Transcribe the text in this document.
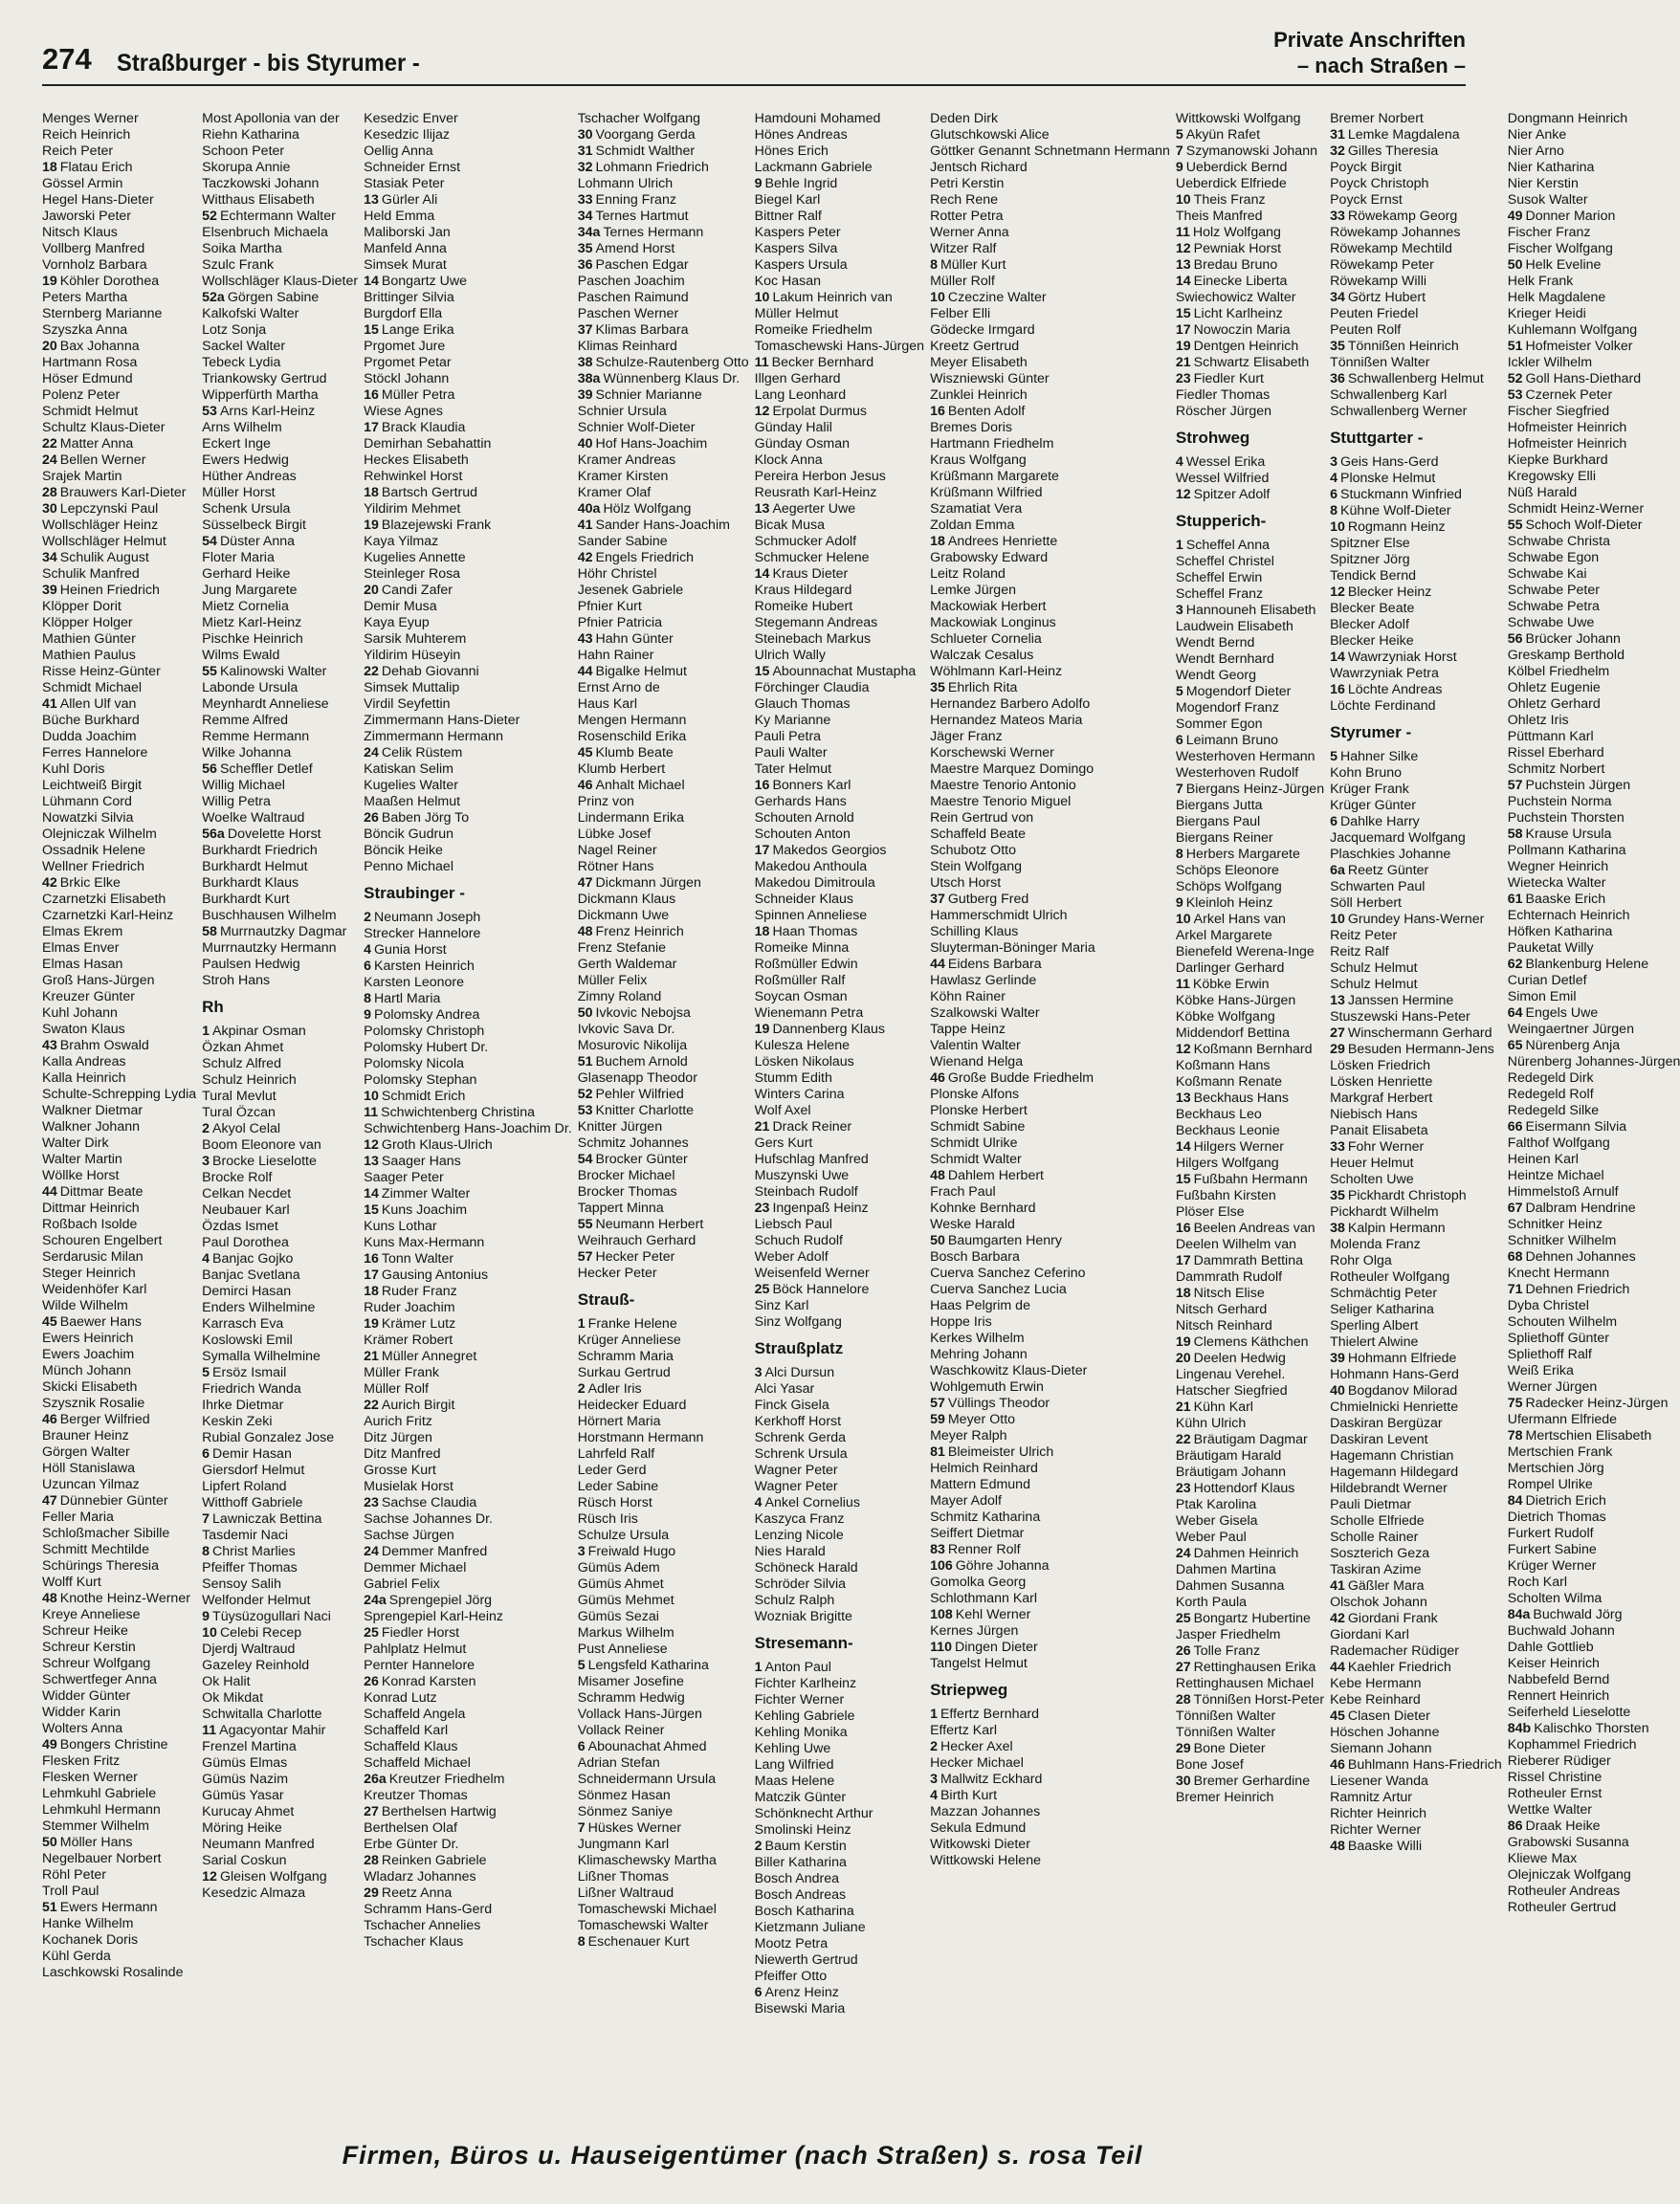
274 Straßburger - bis Styrumer -
Private Anschriften
– nach Straßen –
Menges Werner
Reich Heinrich
Reich Peter
18 Flatau Erich
Gössel Armin
Hegel Hans-Dieter
Jaworski Peter
Nitsch Klaus
Vollberg Manfred
Vornholz Barbara
19 Köhler Dorothea
Peters Martha
Sternberg Marianne
Szyszka Anna
20 Bax Johanna
Hartmann Rosa
Höser Edmund
Polenz Peter
Schmidt Helmut
Schultz Klaus-Dieter
22 Matter Anna
24 Bellen Werner
Srajek Martin
28 Brauwers Karl-Dieter
30 Lepczynski Paul
Wollschläger Heinz
Wollschläger Helmut
34 Schulik August
Schulik Manfred
39 Heinen Friedrich
Klöpper Dorit
Klöpper Holger
Mathien Günter
Mathien Paulus
Risse Heinz-Günter
Schmidt Michael
41 Allen Ulf van
Büche Burkhard
Dudda Joachim
Ferres Hannelore
Kuhl Doris
Leichtweiß Birgit
Lühmann Cord
Nowatzki Silvia
Olejniczak Wilhelm
Ossadnik Helene
Wellner Friedrich
42 Brkic Elke
Czarnetzki Elisabeth
Czarnetzki Karl-Heinz
Elmas Ekrem
Elmas Enver
Elmas Hasan
Groß Hans-Jürgen
Kreuzer Günter
Kuhl Johann
Swaton Klaus
43 Brahm Oswald
Kalla Andreas
Kalla Heinrich
Schulte-Schrepping Lydia
Walkner Dietmar
Walkner Johann
Walter Dirk
Walter Martin
Wöllke Horst
44 Dittmar Beate
Dittmar Heinrich
Roßbach Isolde
Schouren Engelbert
Serdarusic Milan
Steger Heinrich
Weidenhöfer Karl
Wilde Wilhelm
45 Baewer Hans
Ewers Heinrich
Ewers Joachim
Münch Johann
Skicki Elisabeth
Szysznik Rosalie
46 Berger Wilfried
Brauner Heinz
Görgen Walter
Höll Stanislawa
Uzuncan Yilmaz
47 Dünnebier Günter
Feller Maria
Schloßmacher Sibille
Schmitt Mechtilde
Schürings Theresia
Wolff Kurt
48 Knothe Heinz-Werner
Kreye Anneliese
Schreur Heike
Schreur Kerstin
Schreur Wolfgang
Schwertfeger Anna
Widder Günter
Widder Karin
Wolters Anna
49 Bongers Christine
Flesken Fritz
Flesken Werner
Lehmkuhl Gabriele
Lehmkuhl Hermann
Stemmer Wilhelm
50 Möller Hans
Negelbauer Norbert
Röhl Peter
Troll Paul
51 Ewers Hermann
Hanke Wilhelm
Kochanek Doris
Kühl Gerda
Laschkowski Rosalinde
Most Apollonia van der
Riehn Katharina
Schoon Peter
Skorupa Annie
Taczkowski Johann
Witthaus Elisabeth
52 Echtermann Walter
Elsenbruch Michaela
Soika Martha
Szulc Frank
Wollschläger Klaus-Dieter
52a Görgen Sabine
Kalkofski Walter
Lotz Sonja
Sackel Walter
Tebeck Lydia
Triankowsky Gertrud
Wipperfürth Martha
53 Arns Karl-Heinz
Arns Wilhelm
Eckert Inge
Ewers Hedwig
Hüther Andreas
Müller Horst
Schenk Ursula
Süsselbeck Birgit
54 Düster Anna
Floter Maria
Gerhard Heike
Jung Margarete
Mietz Cornelia
Mietz Karl-Heinz
Pischke Heinrich
Wilms Ewald
55 Kalinowski Walter
Labonde Ursula
Meynhardt Anneliese
Remme Alfred
Remme Hermann
Wilke Johanna
56 Scheffler Detlef
Willig Michael
Willig Petra
Woelke Waltraud
56a Dovelette Horst
Burkhardt Friedrich
Burkhardt Helmut
Burkhardt Klaus
Burkhardt Kurt
Buschhausen Wilhelm
58 Murrnautzky Dagmar
Murrnautzky Hermann
Paulsen Hedwig
Stroh Hans
Rh
1 Akpinar Osman
Özkan Ahmet
Schulz Alfred
Schulz Heinrich
Tural Mevlut
Tural Özcan
2 Akyol Celal
Boom Eleonore van
3 Brocke Lieselotte
Brocke Rolf
Celkan Necdet
Neubauer Karl
Özdas Ismet
Paul Dorothea
4 Banjac Gojko
Banjac Svetlana
Demirci Hasan
Enders Wilhelmine
Karrasch Eva
Koslowski Emil
Symalla Wilhelmine
5 Ersöz Ismail
Friedrich Wanda
Ihrke Dietmar
Keskin Zeki
Rubial Gonzalez Jose
6 Demir Hasan
Giersdorf Helmut
Lipfert Roland
Witthoff Gabriele
7 Lawniczak Bettina
Tasdemir Naci
8 Christ Marlies
Pfeiffer Thomas
Sensoy Salih
Welfonder Helmut
9 Tüysüzogullari Naci
10 Celebi Recep
Djerdj Waltraud
Gazeley Reinhold
Ok Halit
Ok Mikdat
Schwitalla Charlotte
11 Agacyontar Mahir
Frenzel Martina
Gümüs Elmas
Gümüs Nazim
Gümüs Yasar
Kurucay Ahmet
Möring Heike
Neumann Manfred
Sarial Coskun
12 Gleisen Wolfgang
Kesedzic Almaza
Kesedzic Enver
Kesedzic Ilijaz
Oellig Anna
Schneider Ernst
Stasiak Peter
13 Gürler Ali
Held Emma
Maliborski Jan
Manfeld Anna
Simsek Murat
14 Bongartz Uwe
Brittinger Silvia
Burgdorf Ella
15 Lange Erika
Prgomet Jure
Prgomet Petar
Stöckl Johann
16 Müller Petra
Wiese Agnes
17 Brack Klaudia
Demirhan Sebahattin
Heckes Elisabeth
Rehwinkel Horst
18 Bartsch Gertrud
Yildirim Mehmet
19 Blazejewski Frank
Kaya Yilmaz
Kugelies Annette
Steinleger Rosa
20 Candi Zafer
Demir Musa
Kaya Eyup
Sarsik Muhterem
Yildirim Hüseyin
22 Dehab Giovanni
Simsek Muttalip
Virdil Seyfettin
Zimmermann Hans-Dieter
Zimmermann Hermann
24 Celik Rüstem
Katiskan Selim
Kugelies Walter
Maaßen Helmut
26 Baben Jörg To
Böncik Gudrun
Böncik Heike
Penno Michael
Straubinger -
2 Neumann Joseph
Strecker Hannelore
4 Gunia Horst
6 Karsten Heinrich
Karsten Leonore
8 Hartl Maria
9 Polomsky Andrea
Polomsky Christoph
Polomsky Hubert Dr.
Polomsky Nicola
Polomsky Stephan
10 Schmidt Erich
11 Schwichtenberg Christina
Schwichtenberg Hans-Joachim Dr.
12 Groth Klaus-Ulrich
13 Saager Hans
Saager Peter
14 Zimmer Walter
15 Kuns Joachim
Kuns Lothar
Kuns Max-Hermann
16 Tonn Walter
17 Gausing Antonius
18 Ruder Franz
Ruder Joachim
19 Krämer Lutz
Krämer Robert
21 Müller Annegret
Müller Frank
Müller Rolf
22 Aurich Birgit
Aurich Fritz
Ditz Jürgen
Ditz Manfred
Grosse Kurt
Musielak Horst
23 Sachse Claudia
Sachse Johannes Dr.
Sachse Jürgen
24 Demmer Manfred
Demmer Michael
Gabriel Felix
24a Sprengepiel Jörg
Sprengepiel Karl-Heinz
25 Fiedler Horst
Pahlplatz Helmut
Pernter Hannelore
26 Konrad Karsten
Konrad Lutz
Schaffeld Angela
Schaffeld Karl
Schaffeld Klaus
Schaffeld Michael
26a Kreutzer Friedhelm
Kreutzer Thomas
27 Berthelsen Hartwig
Berthelsen Olaf
Erbe Günter Dr.
28 Reinken Gabriele
Wladarz Johannes
29 Reetz Anna
Schramm Hans-Gerd
Tschacher Annelies
Tschacher Klaus
Tschacher Wolfgang
30 Voorgang Gerda
31 Schmidt Walther
32 Lohmann Friedrich
Lohmann Ulrich
33 Enning Franz
34 Ternes Hartmut
34a Ternes Hermann
35 Amend Horst
36 Paschen Edgar
Paschen Joachim
Paschen Raimund
Paschen Werner
37 Klimas Barbara
Klimas Reinhard
38 Schulze-Rautenberg Otto
38a Wünnenberg Klaus Dr.
39 Schnier Marianne
Schnier Ursula
Schnier Wolf-Dieter
40 Hof Hans-Joachim
Kramer Andreas
Kramer Kirsten
Kramer Olaf
40a Hölz Wolfgang
41 Sander Hans-Joachim
Sander Sabine
42 Engels Friedrich
Höhr Christel
Jesenek Gabriele
Pfnier Kurt
Pfnier Patricia
43 Hahn Günter
Hahn Rainer
44 Bigalke Helmut
Ernst Arno de
Haus Karl
Mengen Hermann
Rosenschild Erika
45 Klumb Beate
Klumb Herbert
46 Anhalt Michael
Prinz von
Lindermann Erika
Lübke Josef
Nagel Reiner
Rötner Hans
47 Dickmann Jürgen
Dickmann Klaus
Dickmann Uwe
48 Frenz Heinrich
Frenz Stefanie
Gerth Waldemar
Müller Felix
Zimny Roland
50 Ivkovic Nebojsa
Ivkovic Sava Dr.
Mosurovic Nikolija
51 Buchem Arnold
Glasenapp Theodor
52 Pehler Wilfried
53 Knitter Charlotte
Knitter Jürgen
Schmitz Johannes
54 Brocker Günter
Brocker Michael
Brocker Thomas
Tappert Minna
55 Neumann Herbert
Weihrauch Gerhard
57 Hecker Peter
Hecker Peter
Strauß-
1 Franke Helene
Krüger Anneliese
Schramm Maria
Surkau Gertrud
2 Adler Iris
Heidecker Eduard
Hörnert Maria
Horstmann Hermann
Lahrfeld Ralf
Leder Gerd
Leder Sabine
Rüsch Horst
Rüsch Iris
Schulze Ursula
3 Freiwald Hugo
Gümüs Adem
Gümüs Ahmet
Gümüs Mehmet
Gümüs Sezai
Markus Wilhelm
Pust Anneliese
5 Lengsfeld Katharina
Misamer Josefine
Schramm Hedwig
Vollack Hans-Jürgen
Vollack Reiner
6 Abounachat Ahmed
Adrian Stefan
Schneidermann Ursula
Sönmez Hasan
Sönmez Saniye
7 Hüskes Werner
Jungmann Karl
Klimaschewsky Martha
Lißner Thomas
Lißner Waltraud
Tomaschewski Michael
Tomaschewski Walter
8 Eschenauer Kurt
Hamdouni Mohamed
Hönes Andreas
Hönes Erich
Lackmann Gabriele
9 Behle Ingrid
Biegel Karl
Bittner Ralf
Kaspers Peter
Kaspers Silva
Kaspers Ursula
Koc Hasan
10 Lakum Heinrich van
Müller Helmut
Romeike Friedhelm
Tomaschewski Hans-Jürgen
11 Becker Bernhard
Illgen Gerhard
Lang Leonhard
12 Erpolat Durmus
Günday Halil
Günday Osman
Klock Anna
Pereira Herbon Jesus
Reusrath Karl-Heinz
13 Aegerter Uwe
Bicak Musa
Schmucker Adolf
Schmucker Helene
14 Kraus Dieter
Kraus Hildegard
Romeike Hubert
Stegemann Andreas
Steinebach Markus
Ulrich Wally
15 Abounnachat Mustapha
Förchinger Claudia
Glauch Thomas
Ky Marianne
Pauli Petra
Pauli Walter
Tater Helmut
16 Bonners Karl
Gerhards Hans
Schouten Arnold
Schouten Anton
17 Makedos Georgios
Makedou Anthoula
Makedou Dimitroula
Schneider Klaus
Spinnen Anneliese
18 Haan Thomas
Romeike Minna
Roßmüller Edwin
Roßmüller Ralf
Soycan Osman
Wienemann Petra
19 Dannenberg Klaus
Kulesza Helene
Lösken Nikolaus
Stumm Edith
Winters Carina
Wolf Axel
21 Drack Reiner
Gers Kurt
Hufschlag Manfred
Muszynski Uwe
Steinbach Rudolf
23 Ingenpaß Heinz
Liebsch Paul
Schuch Rudolf
Weber Adolf
Weisenfeld Werner
25 Böck Hannelore
Sinz Karl
Sinz Wolfgang
Straußplatz
3 Alci Dursun
Alci Yasar
Finck Gisela
Kerkhoff Horst
Schrenk Gerda
Schrenk Ursula
Wagner Peter
Wagner Peter
4 Ankel Cornelius
Kaszyca Franz
Lenzing Nicole
Nies Harald
Schöneck Harald
Schröder Silvia
Schulz Ralph
Wozniak Brigitte
Stresemann-
1 Anton Paul
Fichter Karlheinz
Fichter Werner
Kehling Gabriele
Kehling Monika
Kehling Uwe
Lang Wilfried
Maas Helene
Matczik Günter
Schönknecht Arthur
Smolinski Heinz
2 Baum Kerstin
Biller Katharina
Bosch Andrea
Bosch Andreas
Bosch Katharina
Kietzmann Juliane
Mootz Petra
Niewerth Gertrud
Pfeiffer Otto
6 Arenz Heinz
Bisewski Maria
Deden Dirk
Glutschkowski Alice
Göttker Genannt Schnetmann Hermann
Jentsch Richard
Petri Kerstin
Rech Rene
Rotter Petra
Werner Anna
Witzer Ralf
8 Müller Kurt
Müller Rolf
10 Czeczine Walter
Felber Elli
Gödecke Irmgard
Kreetz Gertrud
Meyer Elisabeth
Wiszniewski Günter
Zunklei Heinrich
16 Benten Adolf
Bremes Doris
Hartmann Friedhelm
Kraus Wolfgang
Krüßmann Margarete
Krüßmann Wilfried
Szamatiat Vera
Zoldan Emma
18 Andrees Henriette
Grabowsky Edward
Leitz Roland
Lemke Jürgen
Mackowiak Herbert
Mackowiak Longinus
Schlueter Cornelia
Walczak Cesalus
Wöhlmann Karl-Heinz
35 Ehrlich Rita
Hernandez Barbero Adolfo
Hernandez Mateos Maria
Jäger Franz
Korschewski Werner
Maestre Marquez Domingo
Maestre Tenorio Antonio
Maestre Tenorio Miguel
Rein Gertrud von
Schaffeld Beate
Schubotz Otto
Stein Wolfgang
Utsch Horst
37 Gutberg Fred
Hammerschmidt Ulrich
Schilling Klaus
Sluyterman-Böninger Maria
44 Eidens Barbara
Hawlasz Gerlinde
Köhn Rainer
Szalkowski Walter
Tappe Heinz
Valentin Walter
Wienand Helga
46 Große Budde Friedhelm
Plonske Alfons
Plonske Herbert
Schmidt Sabine
Schmidt Ulrike
Schmidt Walter
48 Dahlem Herbert
Frach Paul
Kohnke Bernhard
Weske Harald
50 Baumgarten Henry
Bosch Barbara
Cuerva Sanchez Ceferino
Cuerva Sanchez Lucia
Haas Pelgrim de
Hoppe Iris
Kerkes Wilhelm
Mehring Johann
Waschkowitz Klaus-Dieter
Wohlgemuth Erwin
57 Vüllings Theodor
59 Meyer Otto
Meyer Ralph
81 Bleimeister Ulrich
Helmich Reinhard
Mattern Edmund
Mayer Adolf
Schmitz Katharina
Seiffert Dietmar
83 Renner Rolf
106 Göhre Johanna
Gomolka Georg
Schlothmann Karl
108 Kehl Werner
Kernes Jürgen
110 Dingen Dieter
Tangelst Helmut
Striepweg
1 Effertz Bernhard
Effertz Karl
2 Hecker Axel
Hecker Michael
3 Mallwitz Eckhard
4 Birth Kurt
Mazzan Johannes
Sekula Edmund
Witkowski Dieter
Wittkowski Helene
Wittkowski Wolfgang
5 Akyün Rafet
7 Szymanowski Johann
9 Ueberdick Bernd
Ueberdick Elfriede
10 Theis Franz
Theis Manfred
11 Holz Wolfgang
12 Pewniak Horst
13 Bredau Bruno
14 Einecke Liberta
Swiechowicz Walter
15 Licht Karlheinz
17 Nowoczin Maria
19 Dentgen Heinrich
21 Schwartz Elisabeth
23 Fiedler Kurt
Fiedler Thomas
Röscher Jürgen
Strohweg
4 Wessel Erika
Wessel Wilfried
12 Spitzer Adolf
Stupperich-
1 Scheffel Anna
Scheffel Christel
Scheffel Erwin
Scheffel Franz
3 Hannouneh Elisabeth
Laudwein Elisabeth
Wendt Bernd
Wendt Bernhard
Wendt Georg
5 Mogendorf Dieter
Mogendorf Franz
Sommer Egon
6 Leimann Bruno
Westerhoven Hermann
Westerhoven Rudolf
7 Biergans Heinz-Jürgen
Biergans Jutta
Biergans Paul
Biergans Reiner
8 Herbers Margarete
Schöps Eleonore
Schöps Wolfgang
9 Kleinloh Heinz
10 Arkel Hans van
Arkel Margarete
Bienefeld Werena-Inge
Darlinger Gerhard
11 Köbke Erwin
Köbke Hans-Jürgen
Köbke Wolfgang
Middendorf Bettina
12 Koßmann Bernhard
Koßmann Hans
Koßmann Renate
13 Beckhaus Hans
Beckhaus Leo
Beckhaus Leonie
14 Hilgers Werner
Hilgers Wolfgang
15 Fußbahn Hermann
Fußbahn Kirsten
Plöser Else
16 Beelen Andreas van
Deelen Wilhelm van
17 Dammrath Bettina
Dammrath Rudolf
18 Nitsch Elise
Nitsch Gerhard
Nitsch Reinhard
19 Clemens Käthchen
20 Deelen Hedwig
Lingenau Verehel.
Hatscher Siegfried
21 Kühn Karl
Kühn Ulrich
22 Bräutigam Dagmar
Bräutigam Harald
Bräutigam Johann
23 Hottendorf Klaus
Ptak Karolina
Weber Gisela
Weber Paul
24 Dahmen Heinrich
Dahmen Martina
Dahmen Susanna
Korth Paula
25 Bongartz Hubertine
Jasper Friedhelm
26 Tolle Franz
27 Rettinghausen Erika
Rettinghausen Michael
28 Tönnißen Horst-Peter
Tönnißen Walter
Tönnißen Walter
29 Bone Dieter
Bone Josef
30 Bremer Gerhardine
Bremer Heinrich
Bremer Norbert
31 Lemke Magdalena
32 Gilles Theresia
Poyck Birgit
Poyck Christoph
Poyck Ernst
33 Röwekamp Georg
Röwekamp Johannes
Röwekamp Mechtild
Röwekamp Peter
Röwekamp Willi
34 Görtz Hubert
Peuten Friedel
Peuten Rolf
35 Tönnißen Heinrich
Tönnißen Walter
36 Schwallenberg Helmut
Schwallenberg Karl
Schwallenberg Werner
Stuttgarter -
3 Geis Hans-Gerd
4 Plonske Helmut
6 Stuckmann Winfried
8 Kühne Wolf-Dieter
10 Rogmann Heinz
Spitzner Else
Spitzner Jörg
Tendick Bernd
12 Blecker Heinz
Blecker Beate
Blecker Adolf
Blecker Heike
14 Wawrzyniak Horst
Wawrzyniak Petra
16 Löchte Andreas
Löchte Ferdinand
Styrumer -
5 Hahner Silke
Kohn Bruno
Krüger Frank
Krüger Günter
6 Dahlke Harry
Jacquemard Wolfgang
Plaschkies Johanne
6a Reetz Günter
Schwarten Paul
Söll Herbert
10 Grundey Hans-Werner
Reitz Peter
Reitz Ralf
Schulz Helmut
Schulz Helmut
13 Janssen Hermine
Stuszewski Hans-Peter
27 Winschermann Gerhard
29 Besuden Hermann-Jens
Lösken Friedrich
Lösken Henriette
Markgraf Herbert
Niebisch Hans
Panait Elisabeta
33 Fohr Werner
Heuer Helmut
Scholten Uwe
35 Pickhardt Christoph
Pickhardt Wilhelm
38 Kalpin Hermann
Molenda Franz
Rohr Olga
Rotheuler Wolfgang
Schmächtig Peter
Seliger Katharina
Sperling Albert
Thielert Alwine
39 Hohmann Elfriede
Hohmann Hans-Gerd
40 Bogdanov Milorad
Chmielnicki Henriette
Daskiran Bergüzar
Daskiran Levent
Hagemann Christian
Hagemann Hildegard
Hildebrandt Werner
Pauli Dietmar
Scholle Elfriede
Scholle Rainer
Soszterich Geza
Taskiran Azime
41 Gäßler Mara
Olschok Johann
42 Giordani Frank
Giordani Karl
Rademacher Rüdiger
44 Kaehler Friedrich
Kebe Hermann
Kebe Reinhard
45 Clasen Dieter
Höschen Johanne
Siemann Johann
46 Buhlmann Hans-Friedrich
Liesener Wanda
Ramnitz Artur
Richter Heinrich
Richter Werner
48 Baaske Willi
Dongmann Heinrich
Nier Anke
Nier Arno
Nier Katharina
Nier Kerstin
Susok Walter
49 Donner Marion
Fischer Franz
Fischer Wolfgang
50 Helk Eveline
Helk Frank
Helk Magdalene
Krieger Heidi
Kuhlemann Wolfgang
51 Hofmeister Volker
Ickler Wilhelm
52 Goll Hans-Diethard
53 Czernek Peter
Fischer Siegfried
Hofmeister Heinrich
Hofmeister Heinrich
Kiepke Burkhard
Kregowsky Elli
Nüß Harald
Schmidt Heinz-Werner
55 Schoch Wolf-Dieter
Schwabe Christa
Schwabe Egon
Schwabe Kai
Schwabe Peter
Schwabe Petra
Schwabe Uwe
56 Brücker Johann
Greskamp Berthold
Kölbel Friedhelm
Ohletz Eugenie
Ohletz Gerhard
Ohletz Iris
Püttmann Karl
Rissel Eberhard
Schmitz Norbert
57 Puchstein Jürgen
Puchstein Norma
Puchstein Thorsten
58 Krause Ursula
Pollmann Katharina
Wegner Heinrich
Wietecka Walter
61 Baaske Erich
Echternach Heinrich
Höfken Katharina
Pauketat Willy
62 Blankenburg Helene
Curian Detlef
Simon Emil
64 Engels Uwe
Weingaertner Jürgen
65 Nürenberg Anja
Nürenberg Johannes-Jürgen
Redegeld Dirk
Redegeld Rolf
Redegeld Silke
66 Eisermann Silvia
Falthof Wolfgang
Heinen Karl
Heintze Michael
Himmelstoß Arnulf
67 Dalbram Hendrine
Schnitker Heinz
Schnitker Wilhelm
68 Dehnen Johannes
Knecht Hermann
71 Dehnen Friedrich
Dyba Christel
Schouten Wilhelm
Spliethoff Günter
Spliethoff Ralf
Weiß Erika
Werner Jürgen
75 Radecker Heinz-Jürgen
Ufermann Elfriede
78 Mertschien Elisabeth
Mertschien Frank
Mertschien Jörg
Rompel Ulrike
84 Dietrich Erich
Dietrich Thomas
Furkert Rudolf
Furkert Sabine
Krüger Werner
Roch Karl
Scholten Wilma
84a Buchwald Jörg
Buchwald Johann
Dahle Gottlieb
Keiser Heinrich
Nabbefeld Bernd
Rennert Heinrich
Seiferheld Lieselotte
84b Kalischko Thorsten
Kophammel Friedrich
Rieberer Rüdiger
Rissel Christine
Rotheuler Ernst
Wettke Walter
86 Draak Heike
Grabowski Susanna
Kliewe Max
Olejniczak Wolfgang
Rotheuler Andreas
Rotheuler Gertrud
Firmen, Büros u. Hauseigentümer (nach Straßen) s. rosa Teil
